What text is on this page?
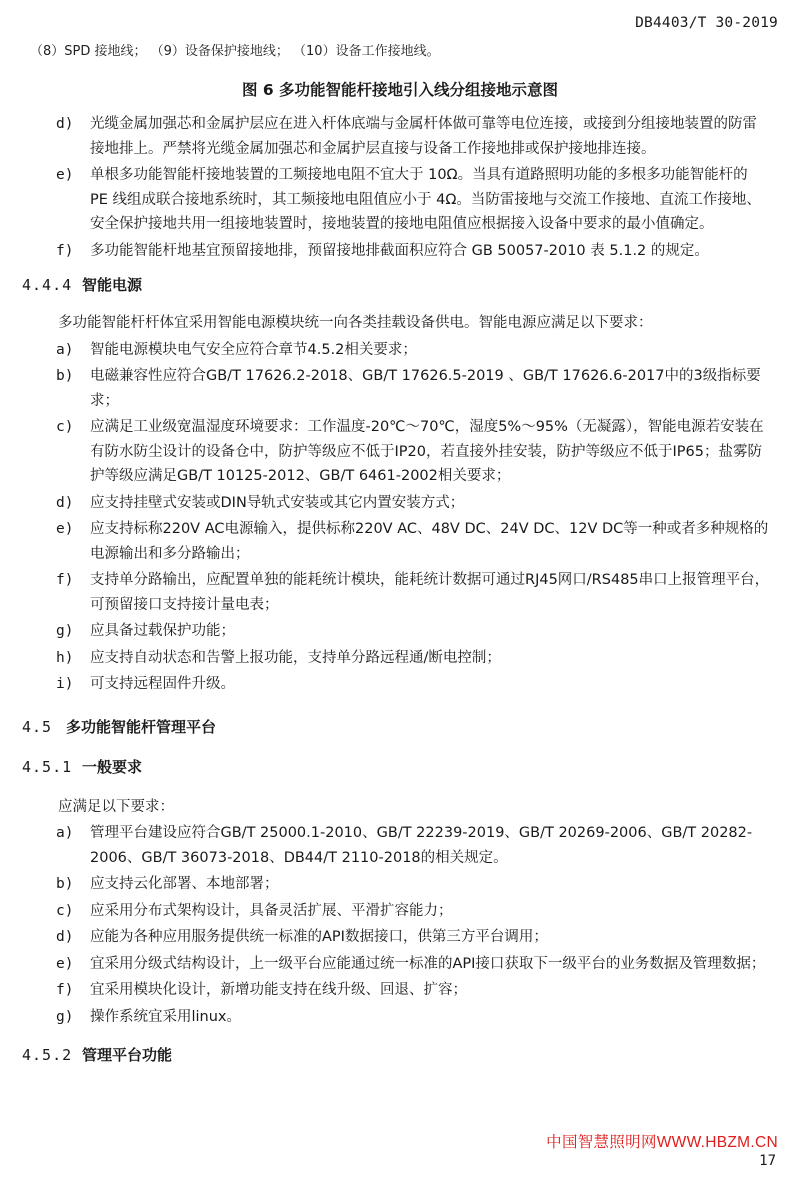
DB4403/T 30-2019
（8）SPD 接地线； （9）设备保护接地线； （10）设备工作接地线。
图 6 多功能智能杆接地引入线分组接地示意图
d) 光缆金属加强芯和金属护层应在进入杆体底端与金属杆体做可靠等电位连接，或接到分组接地装置的防雷接地排上。严禁将光缆金属加强芯和金属护层直接与设备工作接地排或保护接地排连接。
e) 单根多功能智能杆接地装置的工频接地电阻不宜大于 10Ω。当具有道路照明功能的多根多功能智能杆的 PE 线组成联合接地系统时，其工频接地电阻值应小于 4Ω。当防雷接地与交流工作接地、直流工作接地、安全保护接地共用一组接地装置时，接地装置的接地电阻值应根据接入设备中要求的最小值确定。
f) 多功能智能杆地基宜预留接地排，预留接地排截面积应符合 GB 50057-2010 表 5.1.2 的规定。
4.4.4 智能电源
多功能智能杆杆体宜采用智能电源模块统一向各类挂载设备供电。智能电源应满足以下要求：
a) 智能电源模块电气安全应符合章节4.5.2相关要求；
b) 电磁兼容性应符合GB/T 17626.2-2018、GB/T 17626.5-2019 、GB/T 17626.6-2017中的3级指标要求；
c) 应满足工业级宽温湿度环境要求：工作温度-20℃～70℃，湿度5%～95%（无凝露），智能电源若安装在有防水防尘设计的设备仓中，防护等级应不低于IP20，若直接外挂安装，防护等级应不低于IP65；盐雾防护等级应满足GB/T 10125-2012、GB/T 6461-2002相关要求；
d) 应支持挂壁式安装或DIN导轨式安装或其它内置安装方式；
e) 应支持标称220V AC电源输入，提供标称220V AC、48V DC、24V DC、12V DC等一种或者多种规格的电源输出和多分路输出；
f) 支持单分路输出，应配置单独的能耗统计模块，能耗统计数据可通过RJ45网口/RS485串口上报管理平台，可预留接口支持接计量电表；
g) 应具备过载保护功能；
h) 应支持自动状态和告警上报功能，支持单分路远程通/断电控制；
i) 可支持远程固件升级。
4.5 多功能智能杆管理平台
4.5.1 一般要求
应满足以下要求：
a) 管理平台建设应符合GB/T 25000.1-2010、GB/T 22239-2019、GB/T 20269-2006、GB/T 20282-2006、GB/T 36073-2018、DB44/T 2110-2018的相关规定。
b) 应支持云化部署、本地部署；
c) 应采用分布式架构设计，具备灵活扩展、平滑扩容能力；
d) 应能为各种应用服务提供统一标准的API数据接口，供第三方平台调用；
e) 宜采用分级式结构设计，上一级平台应能通过统一标准的API接口获取下一级平台的业务数据及管理数据；
f) 宜采用模块化设计，新增功能支持在线升级、回退、扩容；
g) 操作系统宜采用linux。
4.5.2 管理平台功能
中国智慧照明网WWW.HBZM.CN
17
